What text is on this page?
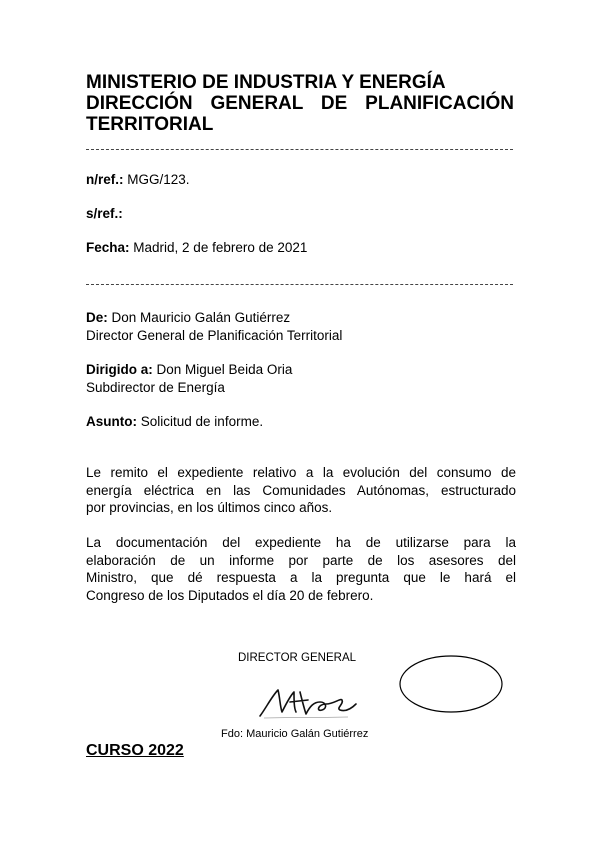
MINISTERIO DE INDUSTRIA Y ENERGÍA

DIRECCIÓN GENERAL DE PLANIFICACIÓN

TERRITORIAL

n/ref.: MGG/123.
s/ref.:
Fecha: Madrid, 2 de febrero de 2021
De: Don Mauricio Galán Gutiérrez
Director General de Planificación Territorial
Dirigido a: Don Miguel Beida Oria
Subdirector de Energía
Asunto: Solicitud de informe.
Le remito el expediente relativo a la evolución del consumo de
energía eléctrica en las Comunidades Autónomas, estructurado
por provincias, en los últimos cinco años.
La documentación del expediente ha de utilizarse para la
elaboración de un informe por parte de los asesores del
Ministro, que dé respuesta a la pregunta que le hará el
Congreso de los Diputados el día 20 de febrero.
DIRECTOR GENERAL
Fdo: Mauricio Galán Gutiérrez
CURSO 2022
